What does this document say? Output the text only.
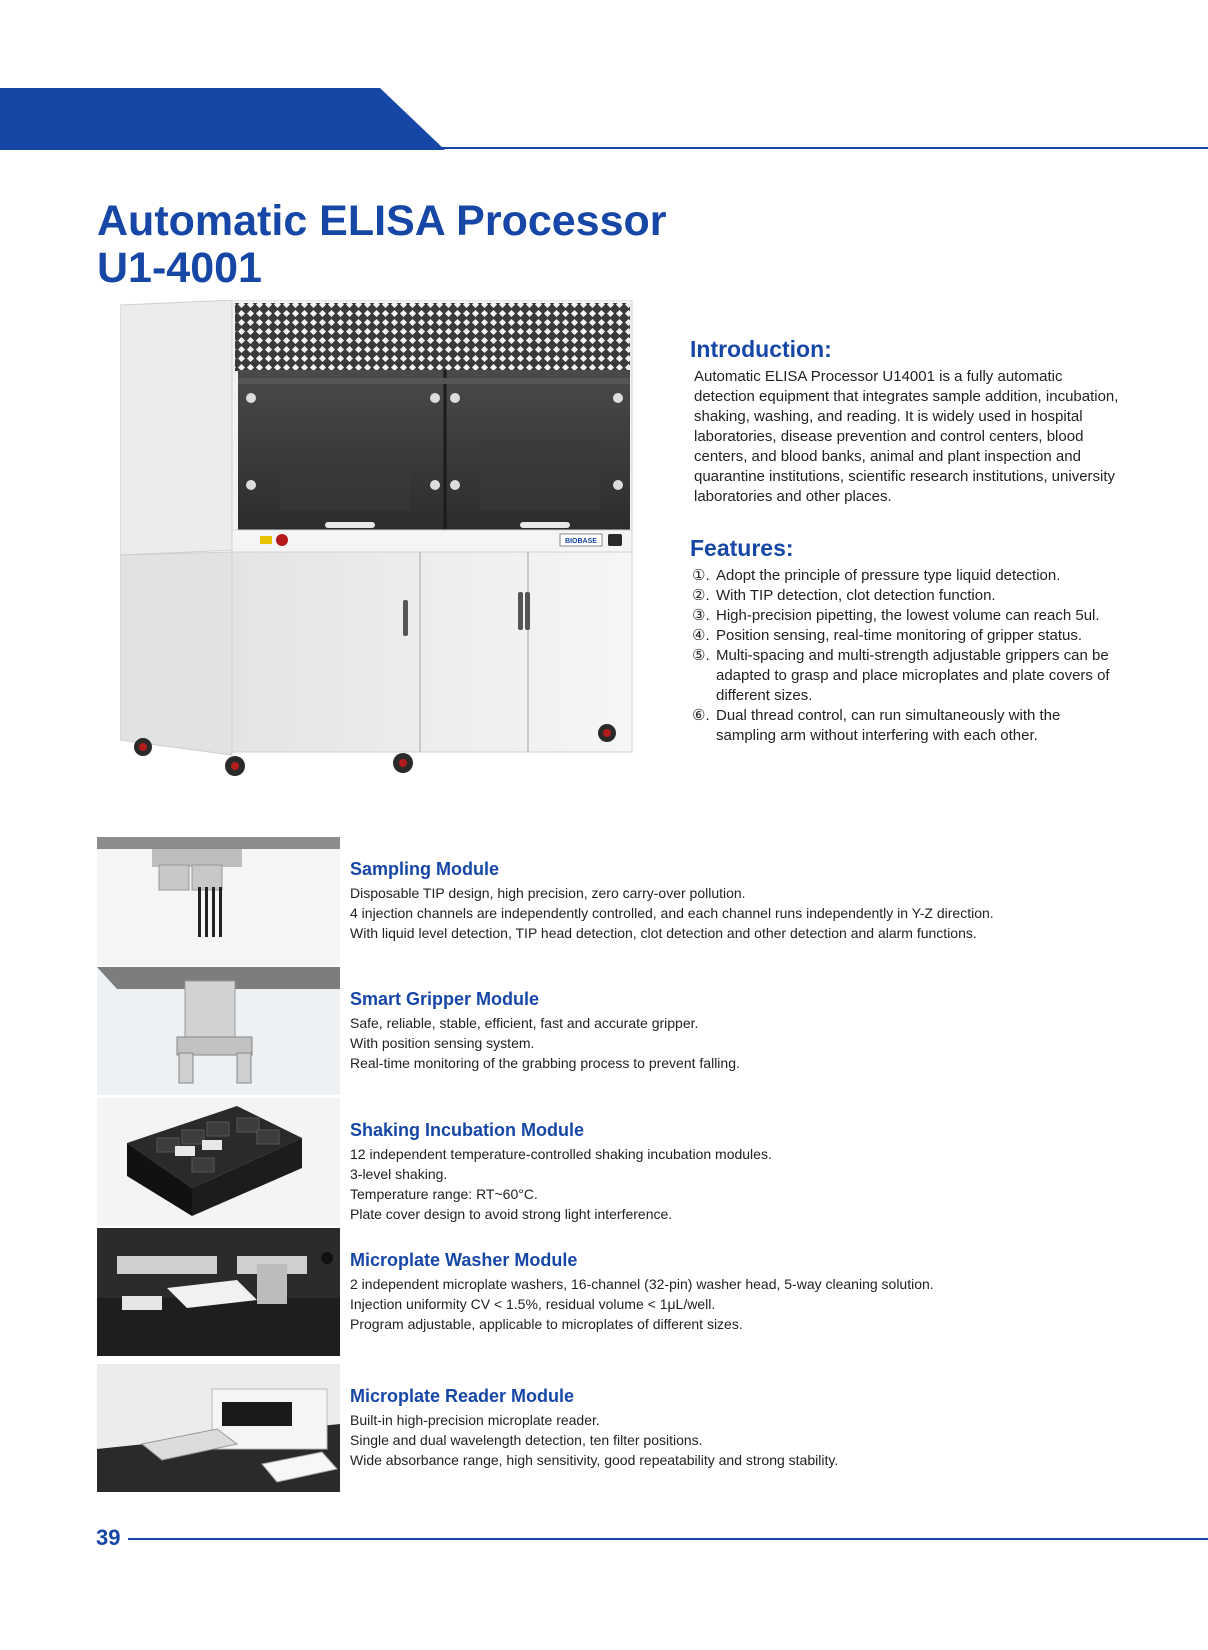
Automatic ELISA Processor
U1-4001
BIOBASE
Introduction:

Automatic ELISA Processor U14001 is a fully automatic detection equipment that integrates sample addition, incubation, shaking, washing, and reading. It is widely used in hospital laboratories, disease prevention and control centers, blood centers, and blood banks, animal and plant inspection and quarantine institutions, scientific research institutions, university laboratories and other places.

Features:
①. Adopt the principle of pressure type liquid detection.
②. With TIP detection, clot detection function.
③. High-precision pipetting, the lowest volume can reach 5ul.
④. Position sensing, real-time monitoring of gripper status.
⑤. Multi-spacing and multi-strength adjustable grippers can be adapted to grasp and place microplates and plate covers of different sizes.
⑥. Dual thread control, can run simultaneously with the sampling arm without interfering with each other.
Sampling Module
Disposable TIP design, high precision, zero carry-over pollution.
4 injection channels are independently controlled, and each channel runs independently in Y-Z direction.
With liquid level detection, TIP head detection, clot detection and other detection and alarm functions.
Smart Gripper Module
Safe, reliable, stable, efficient, fast and accurate gripper.
With position sensing system.
Real-time monitoring of the grabbing process to prevent falling.
Shaking Incubation Module
12 independent temperature-controlled shaking incubation modules.
3-level shaking.
Temperature range: RT~60°C.
Plate cover design to avoid strong light interference.
Microplate Washer Module
2 independent microplate washers, 16-channel (32-pin) washer head, 5-way cleaning solution.
Injection uniformity CV < 1.5%, residual volume < 1μL/well.
Program adjustable, applicable to microplates of different sizes.
Microplate Reader Module
Built-in high-precision microplate reader.
Single and dual wavelength detection, ten filter positions.
Wide absorbance range, high sensitivity, good repeatability and strong stability.
39
